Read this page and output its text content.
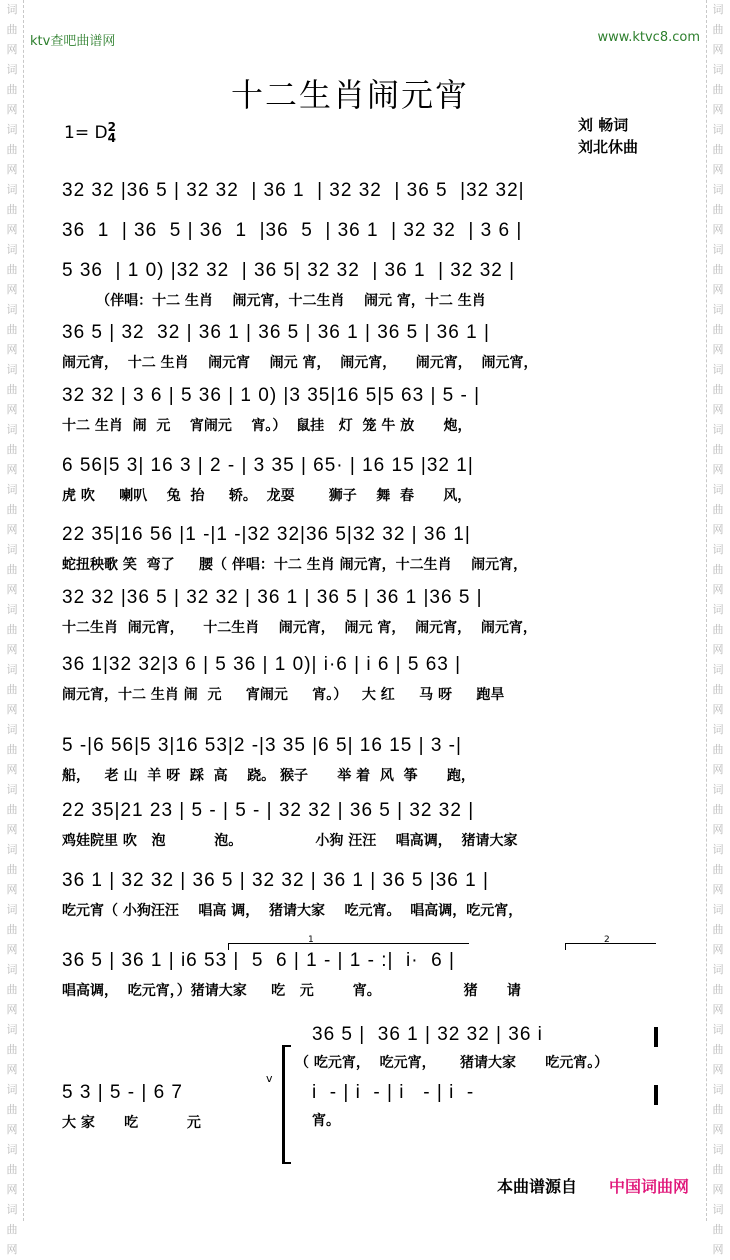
词
曲
网
词
曲
网
词
曲
网
词
曲
网
词
曲
网
词
曲
网
词
曲
网
词
曲
网
词
曲
网
词
曲
网
词
曲
网
词
曲
网
词
曲
网
词
曲
网
词
曲
网
词
曲
网
词
曲
网
词
曲
网
词
曲
网
词
曲
网
词
曲
网
词
曲
网
词
曲
网
词
曲
网
词
曲
网
词
曲
网
词
曲
网
词
曲
网
词
曲
网
词
曲
网
词
曲
网
词
曲
网
词
曲
网
词
曲
网
词
曲
网
词
曲
网
词
曲
网
词
曲
网
词
曲
网
词
曲
网
词
曲
网
词
曲
网
ktv查吧曲谱网	www.ktvc8.com
十二生肖闹元宵
1= D2
4
刘 畅词
刘北休曲
32 32 |36 5 | 32 32  | 36 1  | 32 32  | 36 5  |32 32|
36  1  | 36  5 | 36  1  |36  5  | 36 1  | 32 32  | 3 6 |
5 36  | 1 0) |32 32  | 36 5| 32 32  | 36 1  | 32 32 |
（伴唱：十二 生肖    闹元宵，十二生肖    闹元 宵，十二 生肖
36 5 | 32  32 | 36 1 | 36 5 | 36 1 | 36 5 | 36 1 |
闹元宵，  十二 生肖    闹元宵    闹元 宵，  闹元宵，    闹元宵，  闹元宵，
32 32 | 3 6 | 5 36 | 1 0) |3 35|16 5|5 63 | 5 - |
十二 生肖  闹  元    宵闹元    宵。）  鼠挂   灯  笼 牛 放      炮，
6 56|5 3| 16 3 | 2 - | 3 35 | 65· | 16 15 |32 1|
虎 吹     喇叭    兔  抬     轿。  龙耍       狮子    舞  春      风，
22 35|16 56 |1 -|1 -|32 32|36 5|32 32 | 36 1|
蛇扭秧歌 笑  弯了     腰（ 伴唱：十二 生肖 闹元宵，十二生肖    闹元宵，
32 32 |36 5 | 32 32 | 36 1 | 36 5 | 36 1 |36 5 |
十二生肖  闹元宵，    十二生肖    闹元宵，  闹元 宵，  闹元宵，  闹元宵，
36 1|32 32|3 6 | 5 36 | 1 0)| i·6 | i 6 | 5 63 |
闹元宵，十二 生肖 闹  元     宵闹元     宵。）   大 红     马 呀     跑旱
5 -|6 56|5 3|16 53|2 -|3 35 |6 5| 16 15 | 3 -|
船，   老 山  羊 呀  踩  高    跷。 猴子      举 着  风  筝      跑，
22 35|21 23 | 5 - | 5 - | 32 32 | 36 5 | 32 32 |
鸡娃院里 吹   泡          泡。               小狗 汪汪    唱高调，  猪请大家
36 1 | 32 32 | 36 5 | 32 32 | 36 1 | 36 5 |36 1 |
吃元宵（ 小狗汪汪    唱高 调，  猪请大家    吃元宵。  唱高调，吃元宵，
36 5 | 36 1 | i6 53 |  5  6 | 1 - | 1 - :|  i·  6 |
唱高调，  吃元宵，）猪请大家     吃   元        宵。                 猪      请
5 3 | 5 - | 6 7
大 家      吃          元
36 5 |  36 1 | 32 32 | 36 i
（ 吃元宵，  吃元宵，     猪请大家      吃元宵。）
i  - | i  - | i   - | i  -
宵。
v
1	2
本曲谱源自 中国词曲网
